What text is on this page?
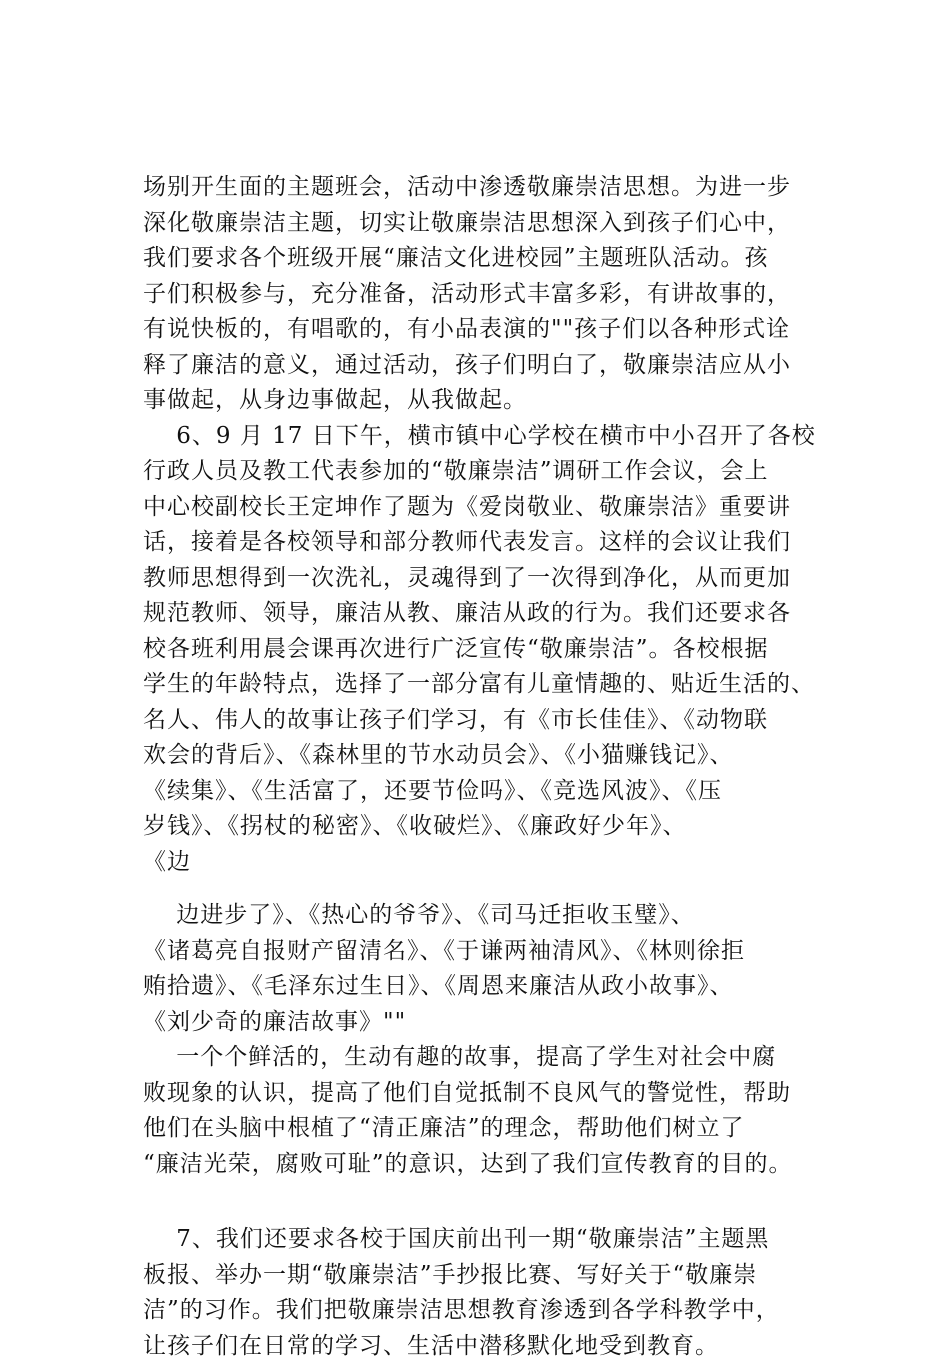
场别开生面的主题班会，活动中渗透敬廉崇洁思想。为进一步
深化敬廉崇洁主题，切实让敬廉崇洁思想深入到孩子们心中，
我们要求各个班级开展“廉洁文化进校园”主题班队活动。孩
子们积极参与，充分准备，活动形式丰富多彩，有讲故事的，
有说快板的，有唱歌的，有小品表演的""孩子们以各种形式诠
释了廉洁的意义，通过活动，孩子们明白了，敬廉崇洁应从小
事做起，从身边事做起，从我做起。
6、9 月 17 日下午，横市镇中心学校在横市中小召开了各校
行政人员及教工代表参加的“敬廉崇洁”调研工作会议，会上
中心校副校长王定坤作了题为《爱岗敬业、敬廉崇洁》重要讲
话，接着是各校领导和部分教师代表发言。这样的会议让我们
教师思想得到一次洗礼，灵魂得到了一次得到净化，从而更加
规范教师、领导，廉洁从教、廉洁从政的行为。我们还要求各
校各班利用晨会课再次进行广泛宣传“敬廉崇洁”。各校根据
学生的年龄特点，选择了一部分富有儿童情趣的、贴近生活的、
名人、伟人的故事让孩子们学习，有《市长佳佳》、《动物联
欢会的背后》、《森林里的节水动员会》、《小猫赚钱记》、
《续集》、《生活富了，还要节俭吗》、《竞选风波》、《压
岁钱》、《拐杖的秘密》、《收破烂》、《廉政好少年》、
《边
边进步了》、《热心的爷爷》、《司马迁拒收玉璧》、
《诸葛亮自报财产留清名》、《于谦两袖清风》、《林则徐拒
贿拾遗》、《毛泽东过生日》、《周恩来廉洁从政小故事》、
《刘少奇的廉洁故事》""
一个个鲜活的，生动有趣的故事，提高了学生对社会中腐
败现象的认识，提高了他们自觉抵制不良风气的警觉性，帮助
他们在头脑中根植了“清正廉洁”的理念，帮助他们树立了
“廉洁光荣，腐败可耻”的意识，达到了我们宣传教育的目的。
7、我们还要求各校于国庆前出刊一期“敬廉崇洁”主题黑
板报、举办一期“敬廉崇洁”手抄报比赛、写好关于“敬廉崇
洁”的习作。我们把敬廉崇洁思想教育渗透到各学科教学中，
让孩子们在日常的学习、生活中潜移默化地受到教育。
